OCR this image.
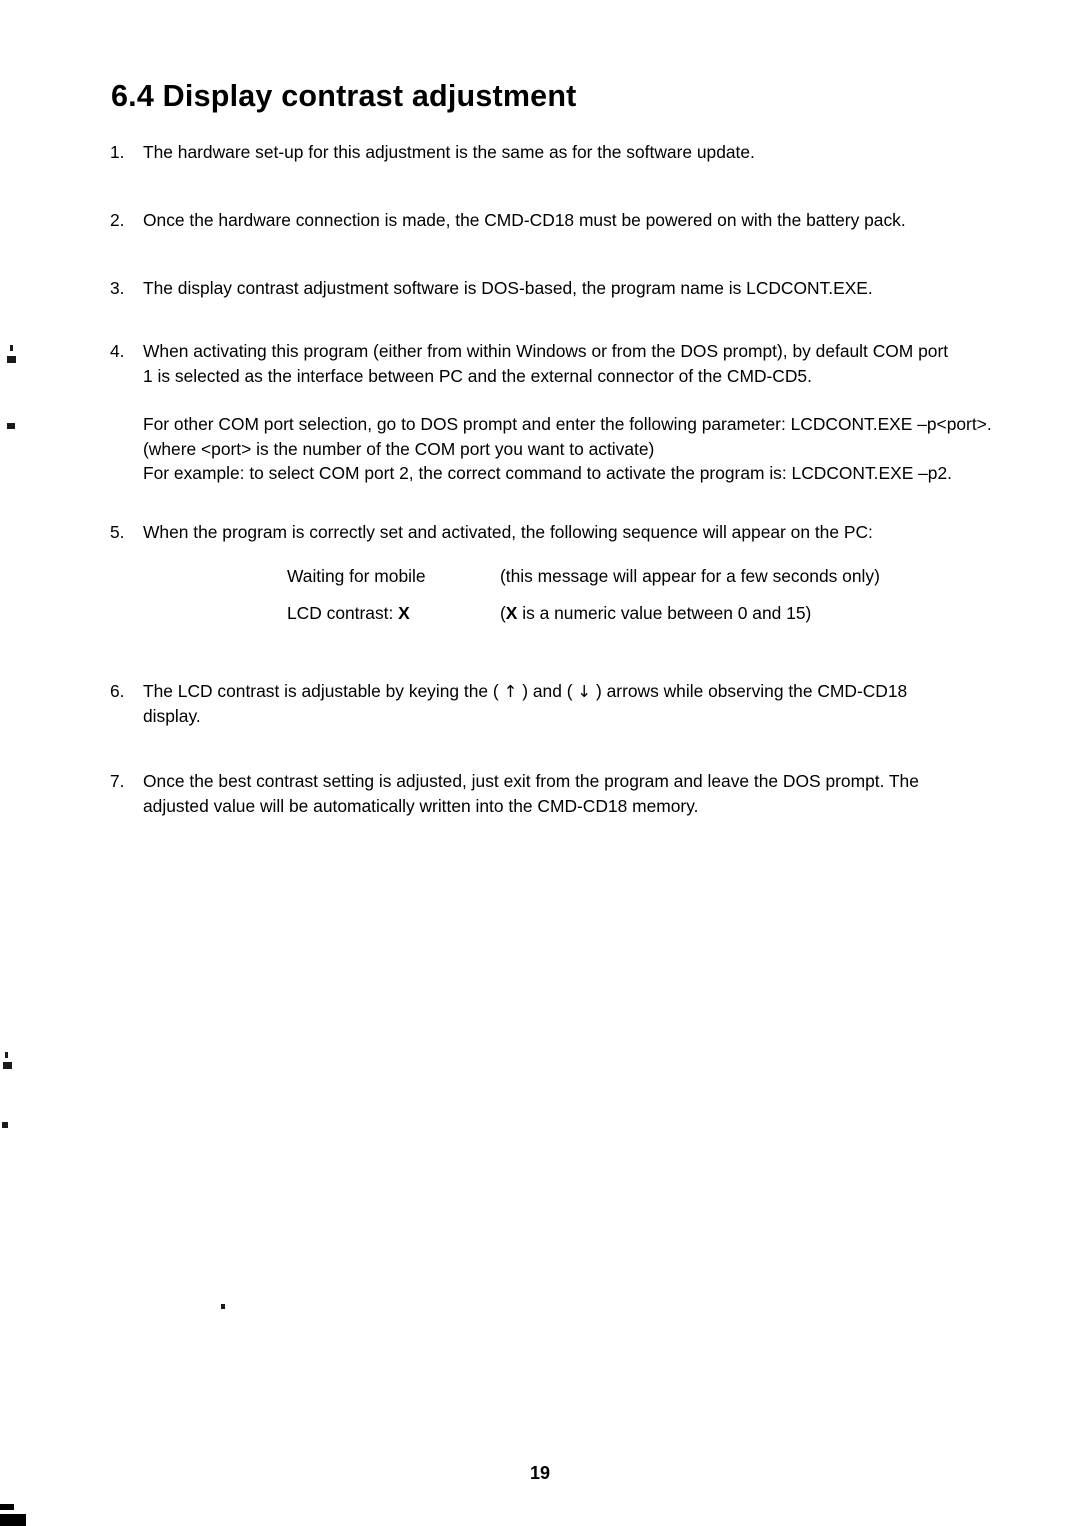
6.4 Display contrast adjustment
1.	The hardware set-up for this adjustment is the same as for the software update.
2.	Once the hardware connection is made, the CMD-CD18 must be powered on with the battery pack.
3.	The display contrast adjustment software is DOS-based, the program name is LCDCONT.EXE.
4.	When activating this program (either from within Windows or from the DOS prompt), by default COM port 1 is selected as the interface between PC and the external connector of the CMD-CD5.
For other COM port selection, go to DOS prompt and enter the following parameter: LCDCONT.EXE –p<port>.
(where <port> is the number of the COM port you want to activate)
For example: to select COM port 2, the correct command to activate the program is: LCDCONT.EXE –p2.
5.	When the program is correctly set and activated, the following sequence will appear on the PC:
Waiting for mobile	(this message will appear for a few seconds only)
LCD contrast: X	(X is a numeric value between 0 and 15)
6.	The LCD contrast is adjustable by keying the ( ↑ ) and ( ↓ ) arrows while observing the CMD-CD18 display.
7.	Once the best contrast setting is adjusted, just exit from the program and leave the DOS prompt. The adjusted value will be automatically written into the CMD-CD18 memory.
19
